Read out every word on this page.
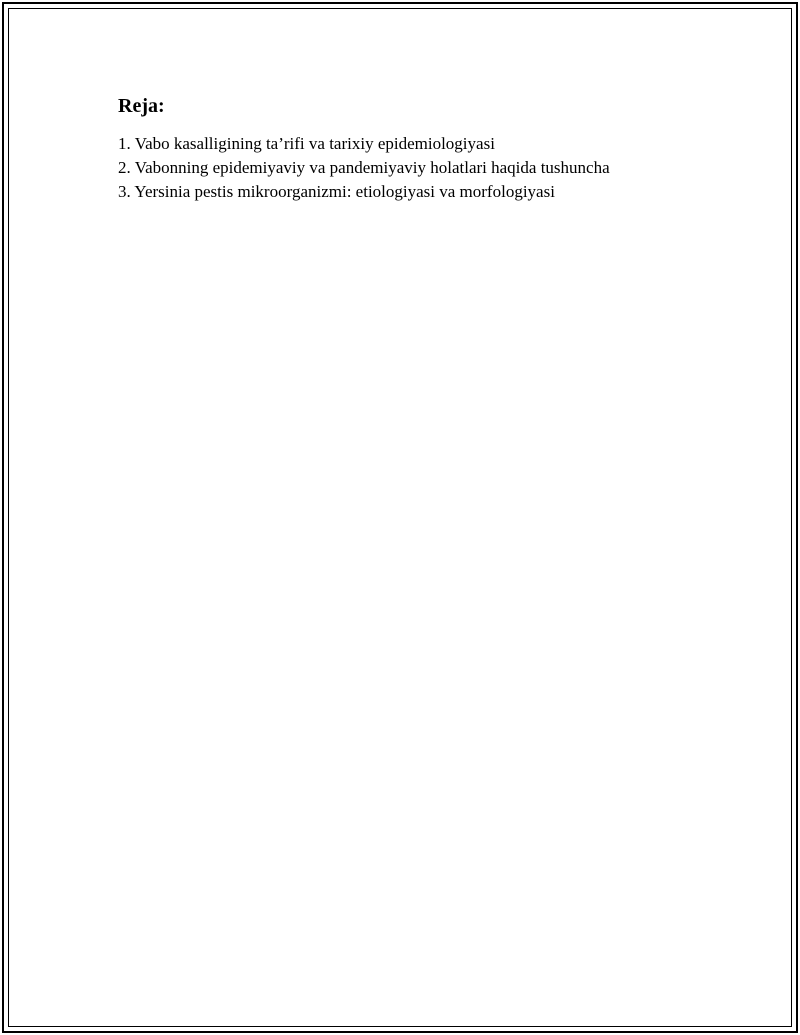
Reja:
1. Vabo kasalligining ta’rifi va tarixiy epidemiologiyasi
2. Vabonning epidemiyaviy va pandemiyaviy holatlari haqida tushuncha
3. Yersinia pestis mikroorganizmi: etiologiyasi va morfologiyasi
